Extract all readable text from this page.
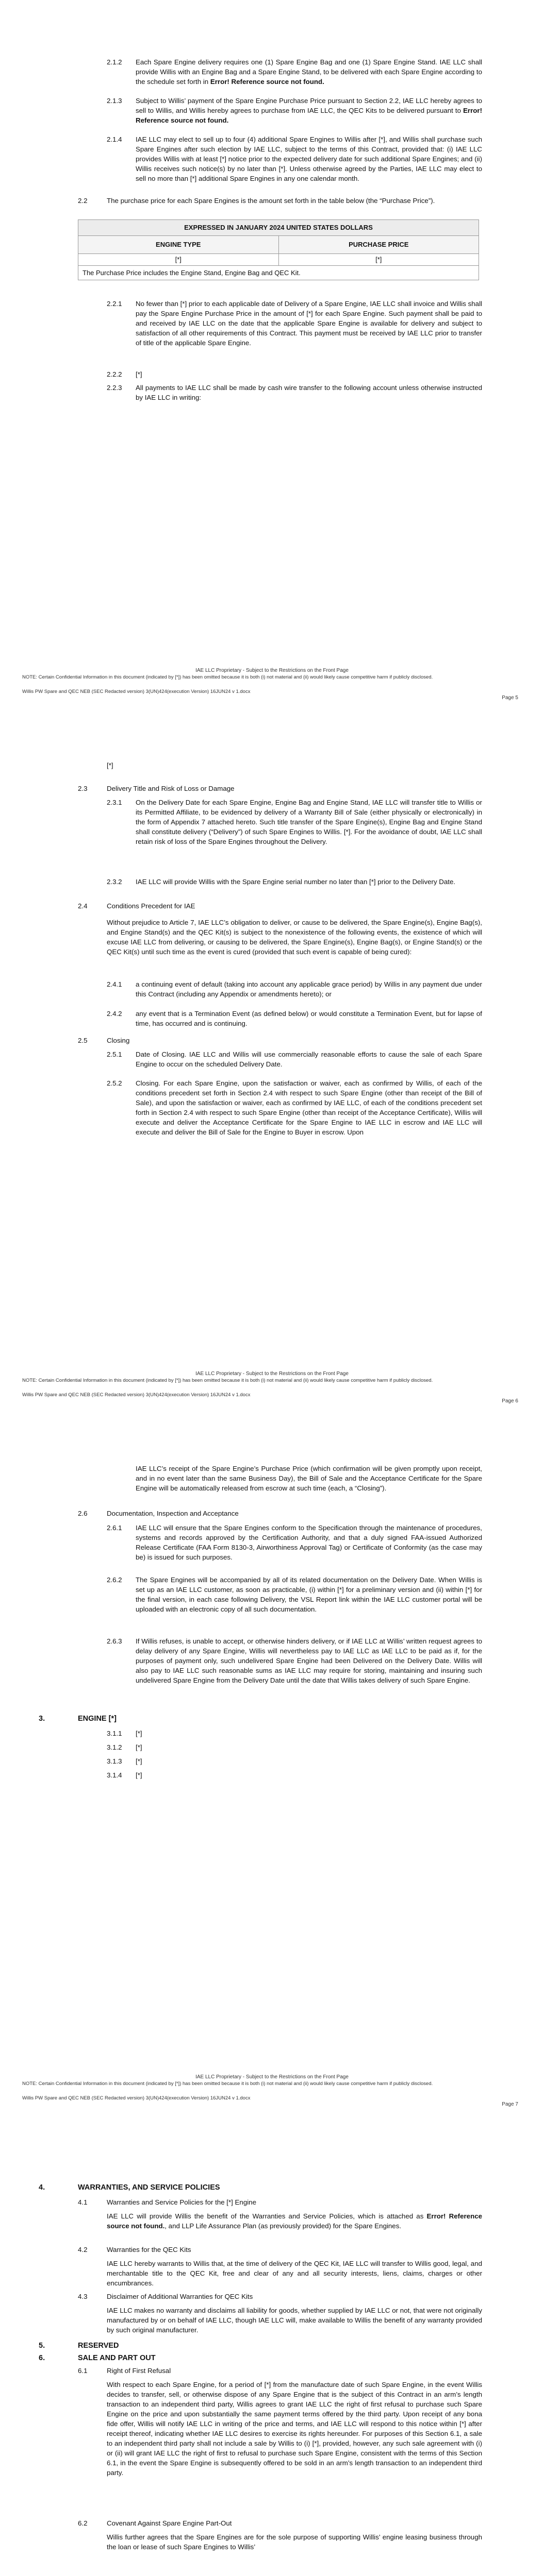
2.1.2 Each Spare Engine delivery requires one (1) Spare Engine Bag and one (1) Spare Engine Stand. IAE LLC shall provide Willis with an Engine Bag and a Spare Engine Stand, to be delivered with each Spare Engine according to the schedule set forth in Error! Reference source not found.
2.1.3 Subject to Willis’ payment of the Spare Engine Purchase Price pursuant to Section 2.2, IAE LLC hereby agrees to sell to Willis, and Willis hereby agrees to purchase from IAE LLC, the QEC Kits to be delivered pursuant to Error! Reference source not found.
2.1.4 IAE LLC may elect to sell up to four (4) additional Spare Engines to Willis after [*], and Willis shall purchase such Spare Engines after such election by IAE LLC, subject to the terms of this Contract, provided that: (i) IAE LLC provides Willis with at least [*] notice prior to the expected delivery date for such additional Spare Engines; and (ii) Willis receives such notice(s) by no later than [*]. Unless otherwise agreed by the Parties, IAE LLC may elect to sell no more than [*] additional Spare Engines in any one calendar month.
2.2	The purchase price for each Spare Engines is the amount set forth in the table below (the “Purchase Price”).
EXPRESSED IN JANUARY 2024 UNITED STATES DOLLARS
ENGINE TYPE	PURCHASE PRICE
[*]	[*]
The Purchase Price includes the Engine Stand, Engine Bag and QEC Kit.
2.2.1 No fewer than [*] prior to each applicable date of Delivery of a Spare Engine, IAE LLC shall invoice and Willis shall pay the Spare Engine Purchase Price in the amount of [*] for each Spare Engine. Such payment shall be paid to and received by IAE LLC on the date that the applicable Spare Engine is available for delivery and subject to satisfaction of all other requirements of this Contract. This payment must be received by IAE LLC prior to transfer of title of the applicable Spare Engine.
2.2.2 [*]
2.2.3 All payments to IAE LLC shall be made by cash wire transfer to the following account unless otherwise instructed by IAE LLC in writing:
IAE LLC Proprietary - Subject to the Restrictions on the Front Page
NOTE: Certain Confidential Information in this document (indicated by [*]) has been omitted because it is both (i) not material and (ii) would likely cause competitive harm if publicly disclosed.
Willis PW Spare and QEC NEB (SEC Redacted version) 3(UN)424(execution Version) 16JUN24 v 1.docx
Page 5
[*]
2.3	Delivery Title and Risk of Loss or Damage
2.3.1 On the Delivery Date for each Spare Engine, Engine Bag and Engine Stand, IAE LLC will transfer title to Willis or its Permitted Affiliate, to be evidenced by delivery of a Warranty Bill of Sale (either physically or electronically) in the form of Appendix 7 attached hereto. Such title transfer of the Spare Engine(s), Engine Bag and Engine Stand shall constitute delivery (“Delivery”) of such Spare Engines to Willis. [*]. For the avoidance of doubt, IAE LLC shall retain risk of loss of the Spare Engines throughout the Delivery.
2.3.2 IAE LLC will provide Willis with the Spare Engine serial number no later than [*] prior to the Delivery Date.
2.4	Conditions Precedent for IAE
Without prejudice to Article 7, IAE LLC’s obligation to deliver, or cause to be delivered, the Spare Engine(s), Engine Bag(s), and Engine Stand(s) and the QEC Kit(s) is subject to the nonexistence of the following events, the existence of which will excuse IAE LLC from delivering, or causing to be delivered, the Spare Engine(s), Engine Bag(s), or Engine Stand(s) or the QEC Kit(s) until such time as the event is cured (provided that such event is capable of being cured):
2.4.1 a continuing event of default (taking into account any applicable grace period) by Willis in any payment due under this Contract (including any Appendix or amendments hereto); or
2.4.2 any event that is a Termination Event (as defined below) or would constitute a Termination Event, but for lapse of time, has occurred and is continuing.
2.5	Closing
2.5.1 Date of Closing. IAE LLC and Willis will use commercially reasonable efforts to cause the sale of each Spare Engine to occur on the scheduled Delivery Date.
2.5.2 Closing. For each Spare Engine, upon the satisfaction or waiver, each as confirmed by Willis, of each of the conditions precedent set forth in Section 2.4 with respect to such Spare Engine (other than receipt of the Bill of Sale), and upon the satisfaction or waiver, each as confirmed by IAE LLC, of each of the conditions precedent set forth in Section 2.4 with respect to such Spare Engine (other than receipt of the Acceptance Certificate), Willis will execute and deliver the Acceptance Certificate for the Spare Engine to IAE LLC in escrow and IAE LLC will execute and deliver the Bill of Sale for the Engine to Buyer in escrow. Upon
IAE LLC Proprietary - Subject to the Restrictions on the Front Page
NOTE: Certain Confidential Information in this document (indicated by [*]) has been omitted because it is both (i) not material and (ii) would likely cause competitive harm if publicly disclosed.
Willis PW Spare and QEC NEB (SEC Redacted version) 3(UN)424(execution Version) 16JUN24 v 1.docx
Page 6
IAE LLC’s receipt of the Spare Engine’s Purchase Price (which confirmation will be given promptly upon receipt, and in no event later than the same Business Day), the Bill of Sale and the Acceptance Certificate for the Spare Engine will be automatically released from escrow at such time (each, a “Closing”).
2.6	Documentation, Inspection and Acceptance
2.6.1 IAE LLC will ensure that the Spare Engines conform to the Specification through the maintenance of procedures, systems and records approved by the Certification Authority, and that a duly signed FAA-issued Authorized Release Certificate (FAA Form 8130-3, Airworthiness Approval Tag) or Certificate of Conformity (as the case may be) is issued for such purposes.
2.6.2 The Spare Engines will be accompanied by all of its related documentation on the Delivery Date. When Willis is set up as an IAE LLC customer, as soon as practicable, (i) within [*] for a preliminary version and (ii) within [*] for the final version, in each case following Delivery, the VSL Report link within the IAE LLC customer portal will be uploaded with an electronic copy of all such documentation.
2.6.3 If Willis refuses, is unable to accept, or otherwise hinders delivery, or if IAE LLC at Willis’ written request agrees to delay delivery of any Spare Engine, Willis will nevertheless pay to IAE LLC as IAE LLC to be paid as if, for the purposes of payment only, such undelivered Spare Engine had been Delivered on the Delivery Date. Willis will also pay to IAE LLC such reasonable sums as IAE LLC may require for storing, maintaining and insuring such undelivered Spare Engine from the Delivery Date until the date that Willis takes delivery of such Spare Engine.
3.	ENGINE [*]
3.1.1 [*]
3.1.2 [*]
3.1.3 [*]
3.1.4 [*]
IAE LLC Proprietary - Subject to the Restrictions on the Front Page
NOTE: Certain Confidential Information in this document (indicated by [*]) has been omitted because it is both (i) not material and (ii) would likely cause competitive harm if publicly disclosed.
Willis PW Spare and QEC NEB (SEC Redacted version) 3(UN)424(execution Version) 16JUN24 v 1.docx
Page 7
4.	WARRANTIES, AND SERVICE POLICIES
4.1	Warranties and Service Policies for the [*] Engine
IAE LLC will provide Willis the benefit of the Warranties and Service Policies, which is attached as Error! Reference source not found., and LLP Life Assurance Plan (as previously provided) for the Spare Engines.
4.2	Warranties for the QEC Kits
IAE LLC hereby warrants to Willis that, at the time of delivery of the QEC Kit, IAE LLC will transfer to Willis good, legal, and merchantable title to the QEC Kit, free and clear of any and all security interests, liens, claims, charges or other encumbrances.
4.3	Disclaimer of Additional Warranties for QEC Kits
IAE LLC makes no warranty and disclaims all liability for goods, whether supplied by IAE LLC or not, that were not originally manufactured by or on behalf of IAE LLC, though IAE LLC will, make available to Willis the benefit of any warranty provided by such original manufacturer.
5.	RESERVED
6.	SALE AND PART OUT
6.1	Right of First Refusal
With respect to each Spare Engine, for a period of [*] from the manufacture date of such Spare Engine, in the event Willis decides to transfer, sell, or otherwise dispose of any Spare Engine that is the subject of this Contract in an arm’s length transaction to an independent third party, Willis agrees to grant IAE LLC the right of first refusal to purchase such Spare Engine on the price and upon substantially the same payment terms offered by the third party. Upon receipt of any bona fide offer, Willis will notify IAE LLC in writing of the price and terms, and IAE LLC will respond to this notice within [*] after receipt thereof, indicating whether IAE LLC desires to exercise its rights hereunder. For purposes of this Section 6.1, a sale to an independent third party shall not include a sale by Willis to (i) [*], provided, however, any such sale agreement with (i) or (ii) will grant IAE LLC the right of first to refusal to purchase such Spare Engine, consistent with the terms of this Section 6.1, in the event the Spare Engine is subsequently offered to be sold in an arm’s length transaction to an independent third party.
6.2	Covenant Against Spare Engine Part-Out
Willis further agrees that the Spare Engines are for the sole purpose of supporting Willis’ engine leasing business through the loan or lease of such Spare Engines to Willis’
